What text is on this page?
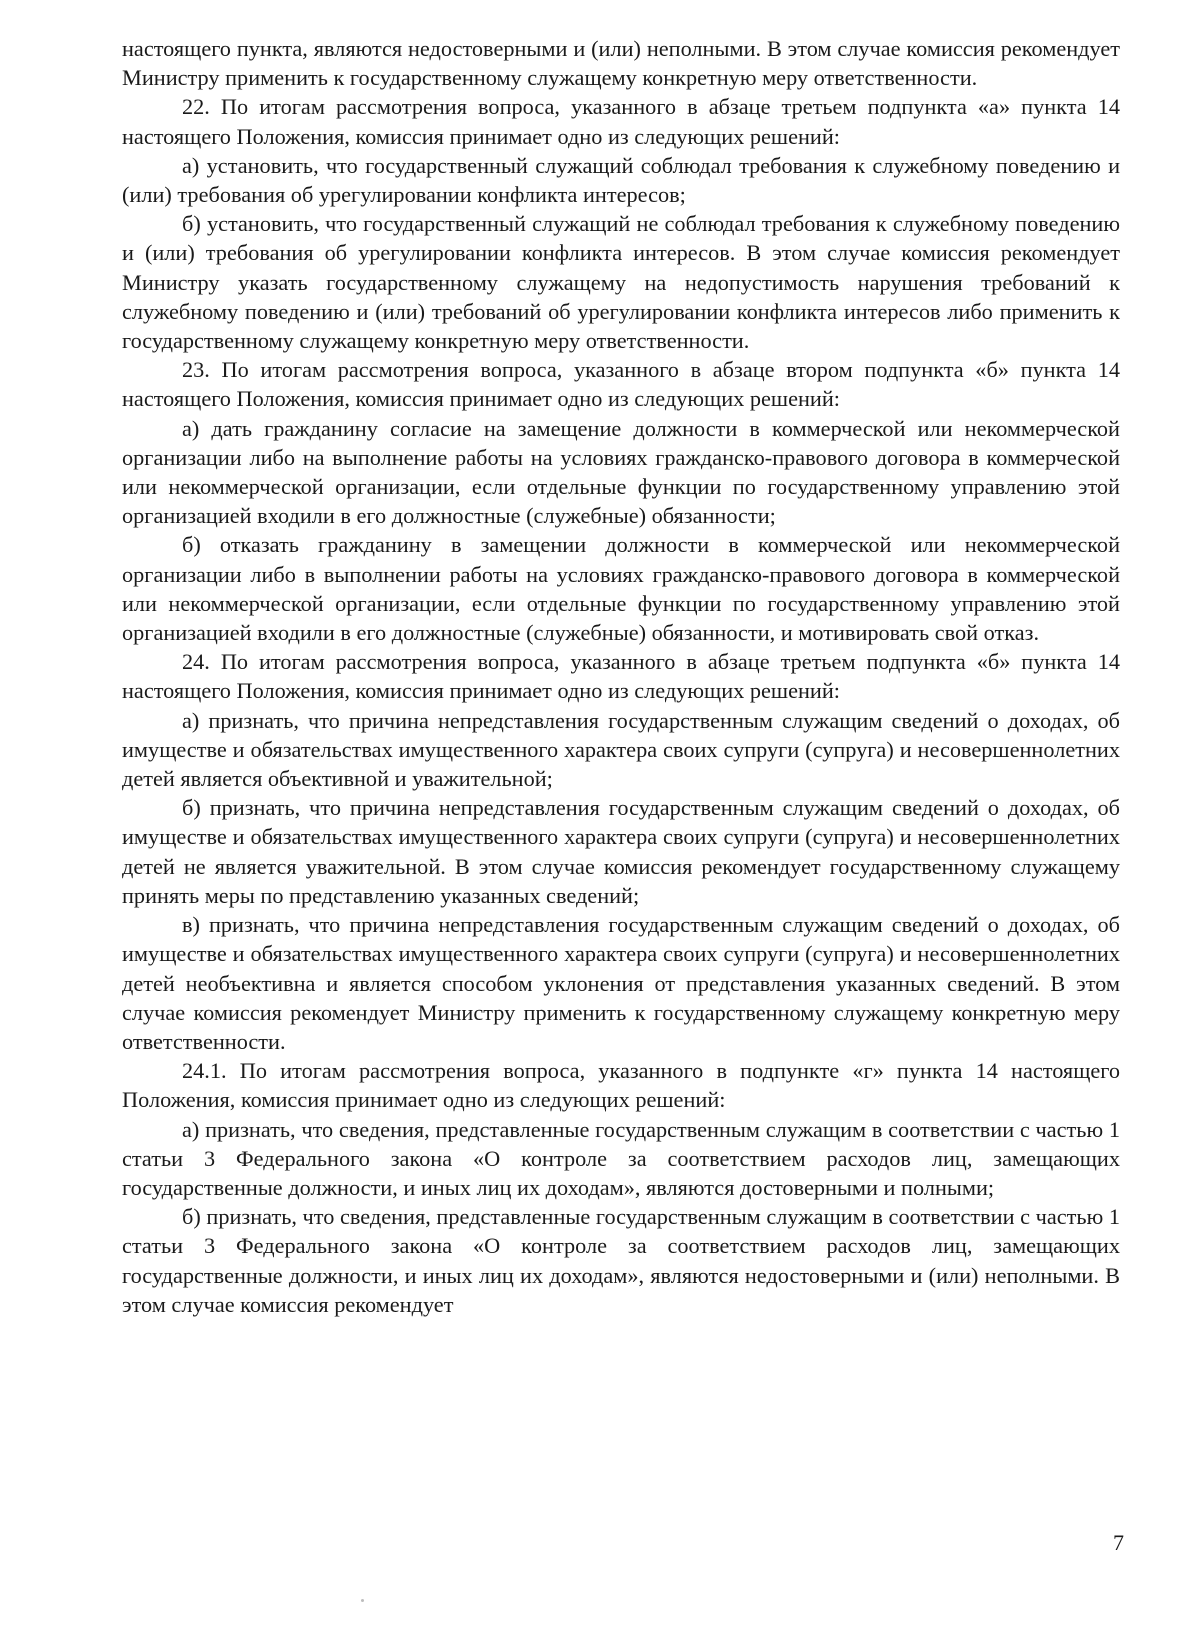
настоящего пункта, являются недостоверными и (или) неполными. В этом случае комиссия рекомендует Министру применить к государственному служащему конкретную меру ответственности.

22. По итогам рассмотрения вопроса, указанного в абзаце третьем подпункта «а» пункта 14 настоящего Положения, комиссия принимает одно из следующих решений:

а) установить, что государственный служащий соблюдал требования к служебному поведению и (или) требования об урегулировании конфликта интересов;

б) установить, что государственный служащий не соблюдал требования к служебному поведению и (или) требования об урегулировании конфликта интересов. В этом случае комиссия рекомендует Министру указать государственному служащему на недопустимость нарушения требований к служебному поведению и (или) требований об урегулировании конфликта интересов либо применить к государственному служащему конкретную меру ответственности.

23. По итогам рассмотрения вопроса, указанного в абзаце втором подпункта «б» пункта 14 настоящего Положения, комиссия принимает одно из следующих решений:

а) дать гражданину согласие на замещение должности в коммерческой или некоммерческой организации либо на выполнение работы на условиях гражданско-правового договора в коммерческой или некоммерческой организации, если отдельные функции по государственному управлению этой организацией входили в его должностные (служебные) обязанности;

б) отказать гражданину в замещении должности в коммерческой или некоммерческой организации либо в выполнении работы на условиях гражданско-правового договора в коммерческой или некоммерческой организации, если отдельные функции по государственному управлению этой организацией входили в его должностные (служебные) обязанности, и мотивировать свой отказ.

24. По итогам рассмотрения вопроса, указанного в абзаце третьем подпункта «б» пункта 14 настоящего Положения, комиссия принимает одно из следующих решений:

а) признать, что причина непредставления государственным служащим сведений о доходах, об имуществе и обязательствах имущественного характера своих супруги (супруга) и несовершеннолетних детей является объективной и уважительной;

б) признать, что причина непредставления государственным служащим сведений о доходах, об имуществе и обязательствах имущественного характера своих супруги (супруга) и несовершеннолетних детей не является уважительной. В этом случае комиссия рекомендует государственному служащему принять меры по представлению указанных сведений;

в) признать, что причина непредставления государственным служащим сведений о доходах, об имуществе и обязательствах имущественного характера своих супруги (супруга) и несовершеннолетних детей необъективна и является способом уклонения от представления указанных сведений. В этом случае комиссия рекомендует Министру применить к государственному служащему конкретную меру ответственности.

24.1. По итогам рассмотрения вопроса, указанного в подпункте «г» пункта 14 настоящего Положения, комиссия принимает одно из следующих решений:

а) признать, что сведения, представленные государственным служащим в соответствии с частью 1 статьи 3 Федерального закона «О контроле за соответствием расходов лиц, замещающих государственные должности, и иных лиц их доходам», являются достоверными и полными;

б) признать, что сведения, представленные государственным служащим в соответствии с частью 1 статьи 3 Федерального закона «О контроле за соответствием расходов лиц, замещающих государственные должности, и иных лиц их доходам», являются недостоверными и (или) неполными. В этом случае комиссия рекомендует

7
